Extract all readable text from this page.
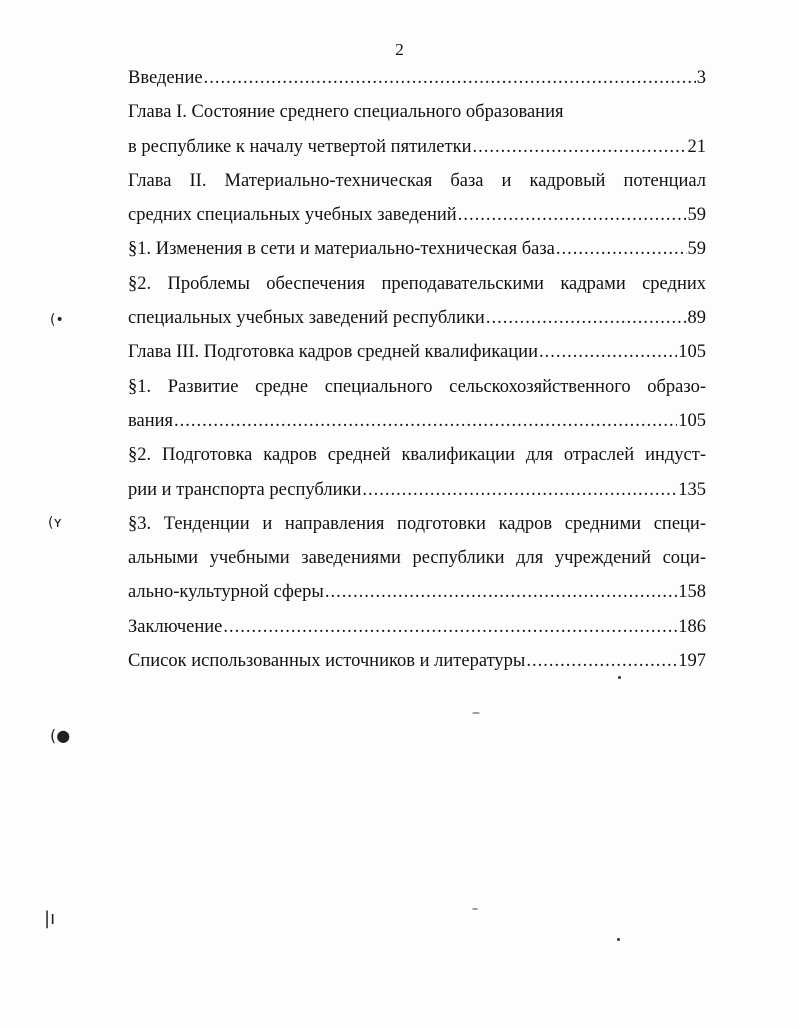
2
Введение .....	3
Глава I. Состояние среднего специального образования
в республике к началу четвертой пятилетки .....	21
Глава II. Материально-техническая база и кадровый потенциал
средних специальных учебных заведений .....	59
§1. Изменения в сети и материально-техническая база .....	59
§2. Проблемы обеспечения преподавательскими кадрами средних
специальных учебных заведений республики .....	89
Глава III. Подготовка кадров средней квалификации .....	105
§1. Развитие средне специального сельскохозяйственного образо-
вания .....	105
§2. Подготовка кадров средней квалификации для отраслей индуст-
рии и транспорта республики .....	135
§3. Тенденции и направления подготовки кадров средними специ-
альными учебными заведениями республики для учреждений соци-
ально-культурной сферы .....	158
Заключение .....	186
Список использованных источников и литературы .....	197
(•
(ʏ
(●
|ı
